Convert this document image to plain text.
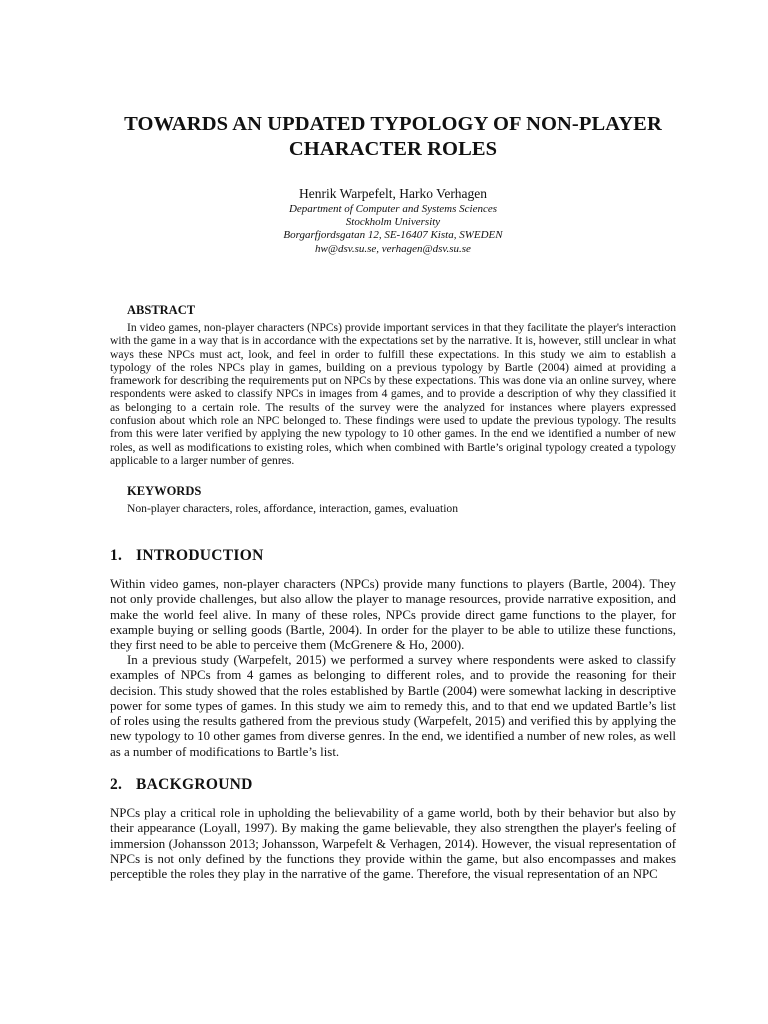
TOWARDS AN UPDATED TYPOLOGY OF NON-PLAYER CHARACTER ROLES

Henrik Warpefelt, Harko Verhagen

Department of Computer and Systems Sciences
Stockholm University
Borgarfjordsgatan 12, SE-16407 Kista, SWEDEN
hw@dsv.su.se, verhagen@dsv.su.se

ABSTRACT

In video games, non-player characters (NPCs) provide important services in that they facilitate the player's interaction with the game in a way that is in accordance with the expectations set by the narrative. It is, however, still unclear in what ways these NPCs must act, look, and feel in order to fulfill these expectations. In this study we aim to establish a typology of the roles NPCs play in games, building on a previous typology by Bartle (2004) aimed at providing a framework for describing the requirements put on NPCs by these expectations. This was done via an online survey, where respondents were asked to classify NPCs in images from 4 games, and to provide a description of why they classified it as belonging to a certain role. The results of the survey were the analyzed for instances where players expressed confusion about which role an NPC belonged to. These findings were used to update the previous typology. The results from this were later verified by applying the new typology to 10 other games. In the end we identified a number of new roles, as well as modifications to existing roles, which when combined with Bartle’s original typology created a typology applicable to a larger number of genres.

KEYWORDS

Non-player characters, roles, affordance, interaction, games, evaluation

1. INTRODUCTION

Within video games, non-player characters (NPCs) provide many functions to players (Bartle, 2004). They not only provide challenges, but also allow the player to manage resources, provide narrative exposition, and make the world feel alive. In many of these roles, NPCs provide direct game functions to the player, for example buying or selling goods (Bartle, 2004). In order for the player to be able to utilize these functions, they first need to be able to perceive them (McGrenere & Ho, 2000).

In a previous study (Warpefelt, 2015) we performed a survey where respondents were asked to classify examples of NPCs from 4 games as belonging to different roles, and to provide the reasoning for their decision. This study showed that the roles established by Bartle (2004) were somewhat lacking in descriptive power for some types of games. In this study we aim to remedy this, and to that end we updated Bartle’s list of roles using the results gathered from the previous study (Warpefelt, 2015) and verified this by applying the new typology to 10 other games from diverse genres. In the end, we identified a number of new roles, as well as a number of modifications to Bartle’s list.

2. BACKGROUND

NPCs play a critical role in upholding the believability of a game world, both by their behavior but also by their appearance (Loyall, 1997). By making the game believable, they also strengthen the player's feeling of immersion (Johansson 2013; Johansson, Warpefelt & Verhagen, 2014). However, the visual representation of NPCs is not only defined by the functions they provide within the game, but also encompasses and makes perceptible the roles they play in the narrative of the game. Therefore, the visual representation of an NPC
